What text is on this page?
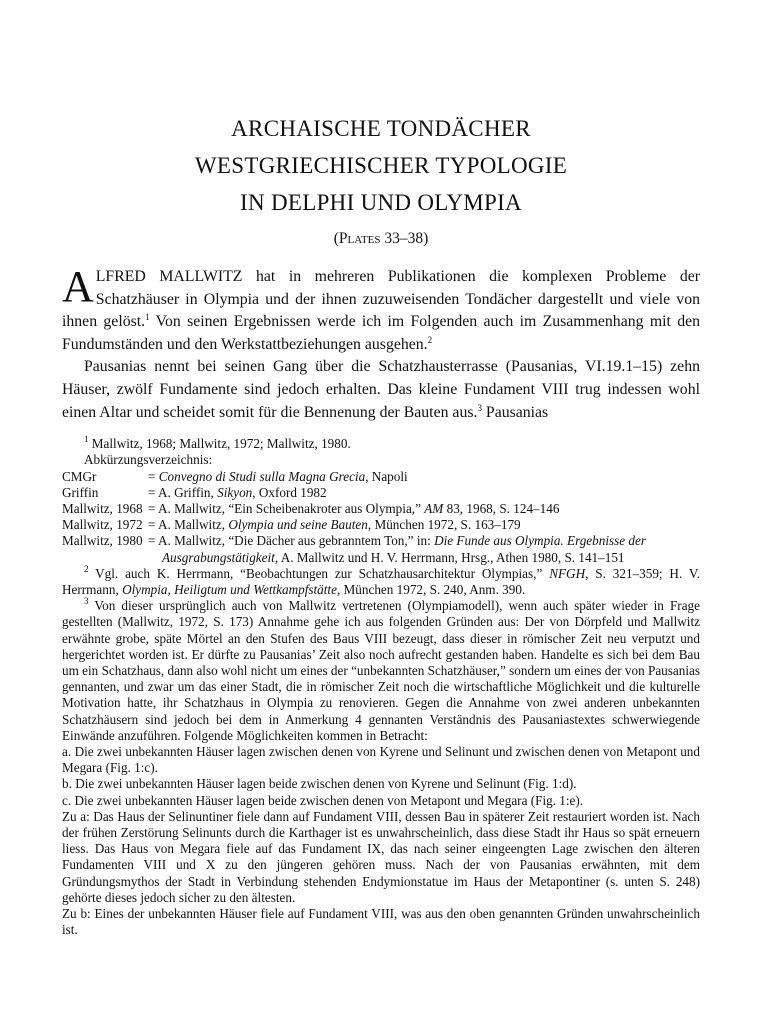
ARCHAISCHE TONDÄCHER
WESTGRIECHISCHER TYPOLOGIE
IN DELPHI UND OLYMPIA
(Plates 33–38)

ALFRED MALLWITZ hat in mehreren Publikationen die komplexen Probleme der Schatzhäuser in Olympia und der ihnen zuzuweisenden Tondächer dargestellt und viele von ihnen gelöst.$^1$ Von seinen Ergebnissen werde ich im Folgenden auch im Zusammenhang mit den Fundumständen und den Werkstattbeziehungen ausgehen.$^2$

Pausanias nennt bei seinen Gang über die Schatzhausterrasse (Pausanias, VI.19.1–15) zehn Häuser, zwölf Fundamente sind jedoch erhalten. Das kleine Fundament VIII trug indessen wohl einen Altar und scheidet somit für die Bennenung der Bauten aus.$^3$ Pausanias

$^1$ Mallwitz, 1968; Mallwitz, 1972; Mallwitz, 1980.

Abkürzungsverzeichnis:

CMGr	= Convegno di Studi sulla Magna Grecia, Napoli
Griffin	= A. Griffin, Sikyon, Oxford 1982
Mallwitz, 1968 = A. Mallwitz, “Ein Scheibenakroter aus Olympia,” AM 83, 1968, S. 124–146
Mallwitz, 1972 = A. Mallwitz, Olympia und seine Bauten, München 1972, S. 163–179
Mallwitz, 1980 = A. Mallwitz, “Die Dächer aus gebranntem Ton,” in: Die Funde aus Olympia. Ergebnisse der Ausgrabungstätigkeit, A. Mallwitz und H. V. Herrmann, Hrsg., Athen 1980, S. 141–151

$^2$ Vgl. auch K. Herrmann, “Beobachtungen zur Schatzhausarchitektur Olympias,” NFGH, S. 321–359; H. V. Herrmann, Olympia, Heiligtum und Wettkampfstätte, München 1972, S. 240, Anm. 390.

$^3$ Von dieser ursprünglich auch von Mallwitz vertretenen (Olympiamodell), wenn auch später wieder in Frage gestellten (Mallwitz, 1972, S. 173) Annahme gehe ich aus folgenden Gründen aus: Der von Dörpfeld und Mallwitz erwähnte grobe, späte Mörtel an den Stufen des Baus VIII bezeugt, dass dieser in römischer Zeit neu verputzt und hergerichtet worden ist. Er dürfte zu Pausanias’ Zeit also noch aufrecht gestanden haben. Handelte es sich bei dem Bau um ein Schatzhaus, dann also wohl nicht um eines der “unbekannten Schatzhäuser,” sondern um eines der von Pausanias gennanten, und zwar um das einer Stadt, die in römischer Zeit noch die wirtschaftliche Möglichkeit und die kulturelle Motivation hatte, ihr Schatzhaus in Olympia zu renovieren. Gegen die Annahme von zwei anderen unbekannten Schatzhäusern sind jedoch bei dem in Anmerkung 4 gennanten Verständnis des Pausaniastextes schwerwiegende Einwände anzuführen. Folgende Möglichkeiten kommen in Betracht:

a. Die zwei unbekannten Häuser lagen zwischen denen von Kyrene und Selinunt und zwischen denen von Metapont und Megara (Fig. 1:c).

b. Die zwei unbekannten Häuser lagen beide zwischen denen von Kyrene und Selinunt (Fig. 1:d).

c. Die zwei unbekannten Häuser lagen beide zwischen denen von Metapont und Megara (Fig. 1:e).

Zu a: Das Haus der Selinuntiner fiele dann auf Fundament VIII, dessen Bau in späterer Zeit restauriert worden ist. Nach der frühen Zerstörung Selinunts durch die Karthager ist es unwahrscheinlich, dass diese Stadt ihr Haus so spät erneuern liess. Das Haus von Megara fiele auf das Fundament IX, das nach seiner eingeengten Lage zwischen den älteren Fundamenten VIII und X zu den jüngeren gehören muss. Nach der von Pausanias erwähnten, mit dem Gründungsmythos der Stadt in Verbindung stehenden Endymionstatue im Haus der Metapontiner (s. unten S. 248) gehörte dieses jedoch sicher zu den ältesten.

Zu b: Eines der unbekannten Häuser fiele auf Fundament VIII, was aus den oben genannten Gründen unwahrscheinlich ist.
